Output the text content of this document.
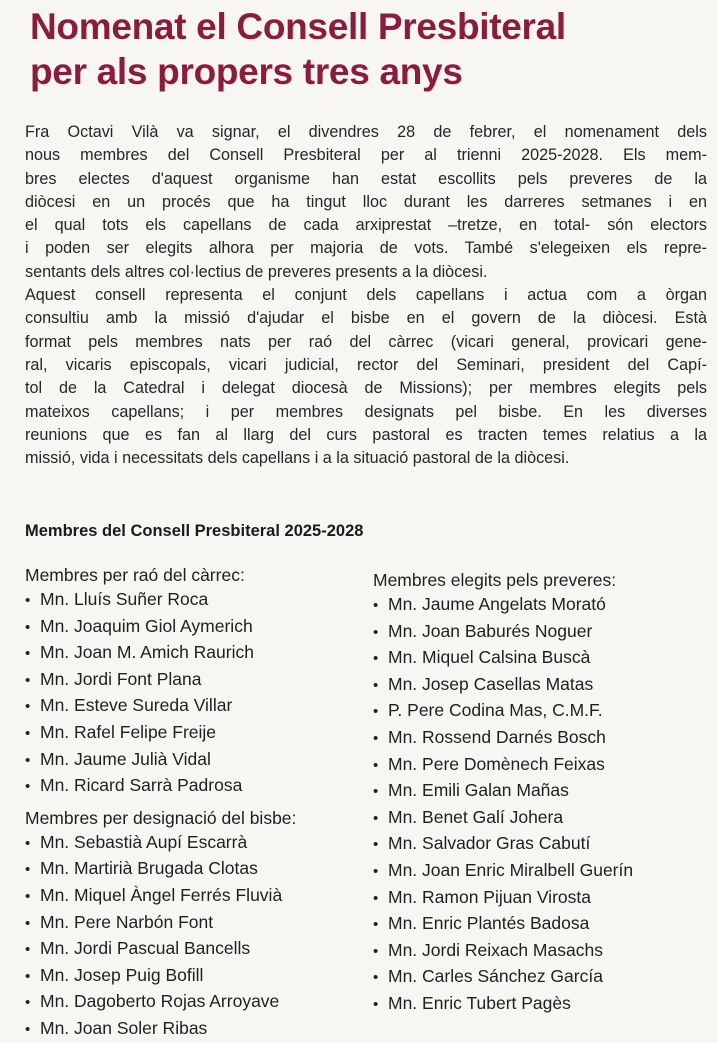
Nomenat el Consell Presbiteral
per als propers tres anys
Fra Octavi Vilà va signar, el divendres 28 de febrer, el nomenament dels
nous membres del Consell Presbiteral per al trienni 2025-2028. Els mem-
bres electes d'aquest organisme han estat escollits pels preveres de la
diòcesi en un procés que ha tingut lloc durant les darreres setmanes i en
el qual tots els capellans de cada arxiprestat –tretze, en total- són electors
i poden ser elegits alhora per majoria de vots. També s'elegeixen els repre-
sentants dels altres col·lectius de preveres presents a la diòcesi.
Aquest consell representa el conjunt dels capellans i actua com a òrgan
consultiu amb la missió d'ajudar el bisbe en el govern de la diòcesi. Està
format pels membres nats per raó del càrrec (vicari general, provicari gene-
ral, vicaris episcopals, vicari judicial, rector del Seminari, president del Capí-
tol de la Catedral i delegat diocesà de Missions); per membres elegits pels
mateixos capellans; i per membres designats pel bisbe. En les diverses
reunions que es fan al llarg del curs pastoral es tracten temes relatius a la
missió, vida i necessitats dels capellans i a la situació pastoral de la diòcesi.
Membres del Consell Presbiteral 2025-2028

Membres per raó del càrrec:

• Mn. Lluís Suñer Roca
• Mn. Joaquim Giol Aymerich
• Mn. Joan M. Amich Raurich
• Mn. Jordi Font Plana
• Mn. Esteve Sureda Villar
• Mn. Rafel Felipe Freije
• Mn. Jaume Julià Vidal
• Mn. Ricard Sarrà Padrosa

Membres per designació del bisbe:

• Mn. Sebastià Aupí Escarrà
• Mn. Martirià Brugada Clotas
• Mn. Miquel Àngel Ferrés Fluvià
• Mn. Pere Narbón Font
• Mn. Jordi Pascual Bancells
• Mn. Josep Puig Bofill
• Mn. Dagoberto Rojas Arroyave
• Mn. Joan Soler Ribas

Membres elegits pels preveres:

• Mn. Jaume Angelats Morató
• Mn. Joan Baburés Noguer
• Mn. Miquel Calsina Buscà
• Mn. Josep Casellas Matas
• P. Pere Codina Mas, C.M.F.
• Mn. Rossend Darnés Bosch
• Mn. Pere Domènech Feixas
• Mn. Emili Galan Mañas
• Mn. Benet Galí Johera
• Mn. Salvador Gras Cabutí
• Mn. Joan Enric Miralbell Guerín
• Mn. Ramon Pijuan Virosta
• Mn. Enric Plantés Badosa
• Mn. Jordi Reixach Masachs
• Mn. Carles Sánchez García
• Mn. Enric Tubert Pagès
